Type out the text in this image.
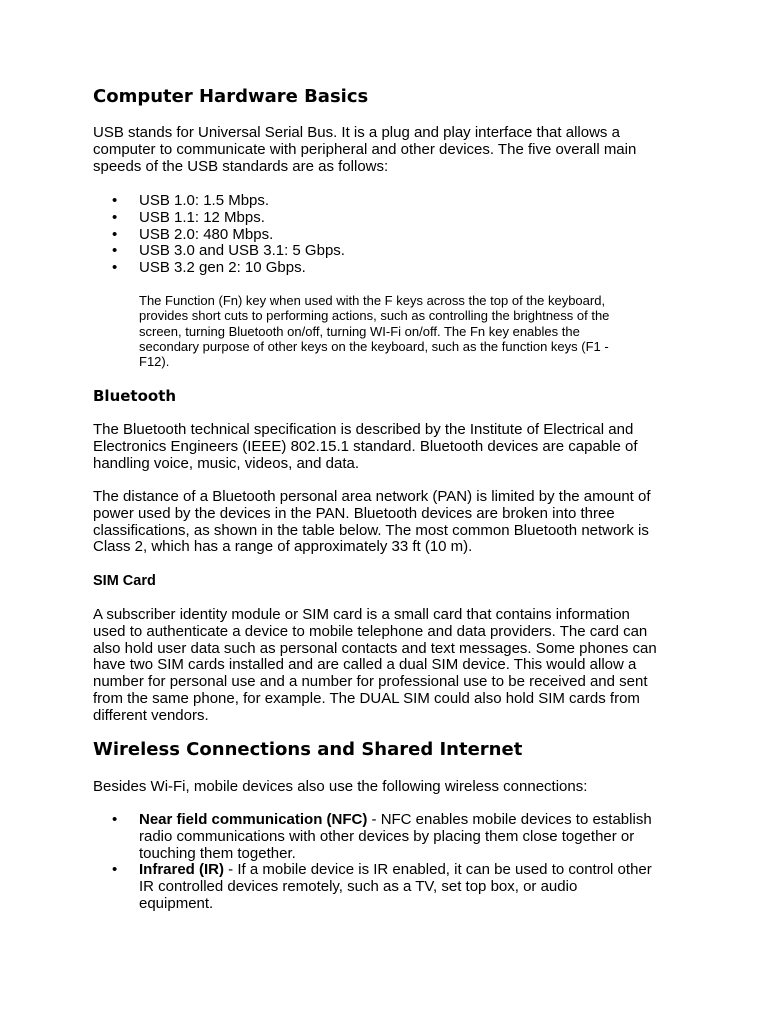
Computer Hardware Basics
USB stands for Universal Serial Bus. It is a plug and play interface that allows a
computer to communicate with peripheral and other devices. The five overall main
speeds of the USB standards are as follows:
•	USB 1.0: 1.5 Mbps.
•	USB 1.1: 12 Mbps.
•	USB 2.0: 480 Mbps.
•	USB 3.0 and USB 3.1: 5 Gbps.
•	USB 3.2 gen 2: 10 Gbps.
The Function (Fn) key when used with the F keys across the top of the keyboard,
provides short cuts to performing actions, such as controlling the brightness of the
screen, turning Bluetooth on/off, turning WI-Fi on/off. The Fn key enables the
secondary purpose of other keys on the keyboard, such as the function keys (F1 -
F12).
Bluetooth
The Bluetooth technical specification is described by the Institute of Electrical and
Electronics Engineers (IEEE) 802.15.1 standard. Bluetooth devices are capable of
handling voice, music, videos, and data.
The distance of a Bluetooth personal area network (PAN) is limited by the amount of
power used by the devices in the PAN. Bluetooth devices are broken into three
classifications, as shown in the table below. The most common Bluetooth network is
Class 2, which has a range of approximately 33 ft (10 m).
SIM Card
A subscriber identity module or SIM card is a small card that contains information
used to authenticate a device to mobile telephone and data providers. The card can
also hold user data such as personal contacts and text messages. Some phones can
have two SIM cards installed and are called a dual SIM device. This would allow a
number for personal use and a number for professional use to be received and sent
from the same phone, for example. The DUAL SIM could also hold SIM cards from
different vendors.
Wireless Connections and Shared Internet
Besides Wi-Fi, mobile devices also use the following wireless connections:
• Near field communication (NFC) - NFC enables mobile devices to establish
radio communications with other devices by placing them close together or
touching them together.
• Infrared (IR) - If a mobile device is IR enabled, it can be used to control other
IR controlled devices remotely, such as a TV, set top box, or audio
equipment.
